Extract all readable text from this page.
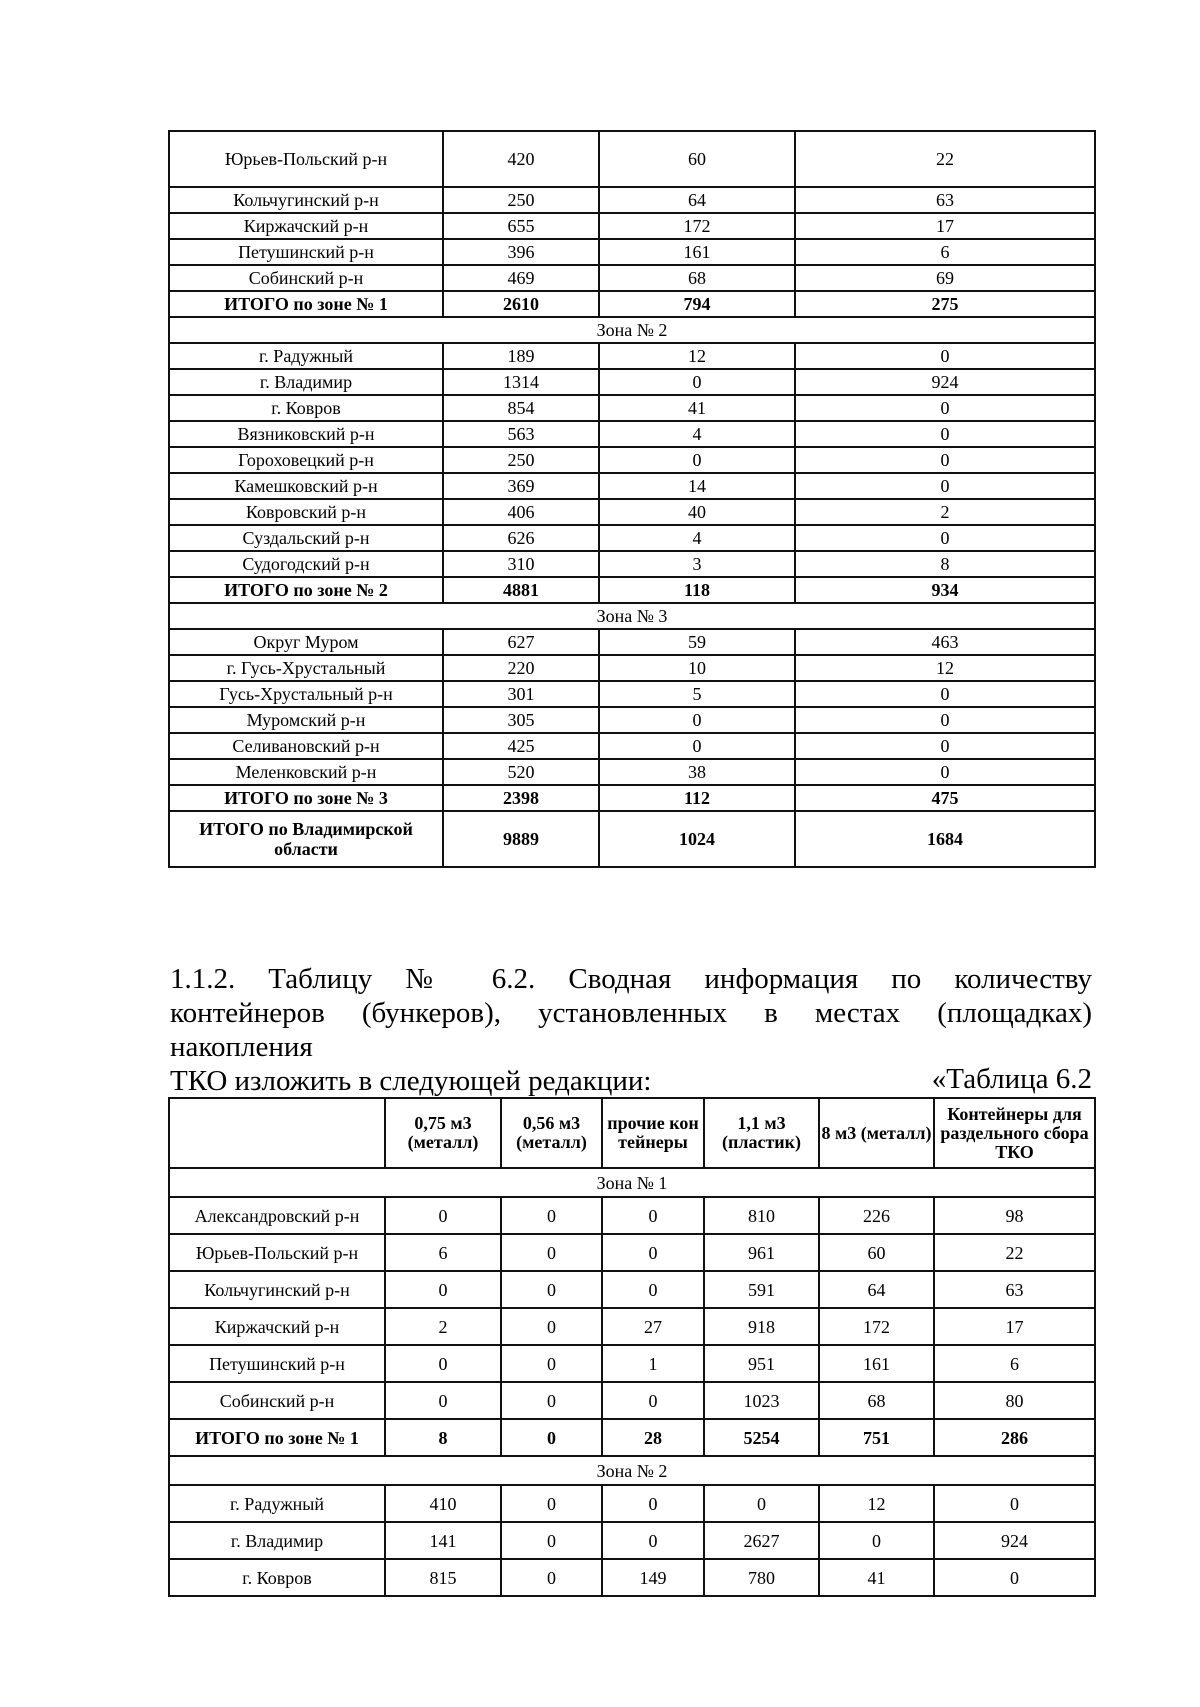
Юрьев-Польский р-н	420	60	22
Кольчугинский р-н	250	64	63
Киржачский р-н	655	172	17
Петушинский р-н	396	161	6
Собинский р-н	469	68	69
ИТОГО по зоне № 1	2610	794	275
Зона № 2			
г. Радужный	189	12	0
г. Владимир	1314	0	924
г. Ковров	854	41	0
Вязниковский р-н	563	4	0
Гороховецкий р-н	250	0	0
Камешковский р-н	369	14	0
Ковровский р-н	406	40	2
Суздальский р-н	626	4	0
Судогодский р-н	310	3	8
ИТОГО по зоне № 2	4881	118	934
Зона № 3			
Округ Муром	627	59	463
г. Гусь-Хрустальный	220	10	12
Гусь-Хрустальный р-н	301	5	0
Муромский р-н	305	0	0
Селивановский р-н	425	0	0
Меленковский р-н	520	38	0
ИТОГО по зоне № 3	2398	112	475
ИТОГО по Владимирской области	9889	1024	1684
1.1.2. Таблицу № 6.2. Сводная информация по количеству
контейнеров (бункеров), установленных в местах (площадках) накопления
ТКО изложить в следующей редакции:	«Таблица 6.2
	0,75 м3 (металл)	0,56 м3 (металл)	прочие контейнеры	1,1 м3 (пластик)	8 м3 (металл)	Контейнеры для раздельного сбора ТКО
Зона № 1						
Александровский р-н	0	0	0	810	226	98
Юрьев-Польский р-н	6	0	0	961	60	22
Кольчугинский р-н	0	0	0	591	64	63
Киржачский р-н	2	0	27	918	172	17
Петушинский р-н	0	0	1	951	161	6
Собинский р-н	0	0	0	1023	68	80
ИТОГО по зоне № 1	8	0	28	5254	751	286
Зона № 2						
г. Радужный	410	0	0	0	12	0
г. Владимир	141	0	0	2627	0	924
г. Ковров	815	0	149	780	41	0
